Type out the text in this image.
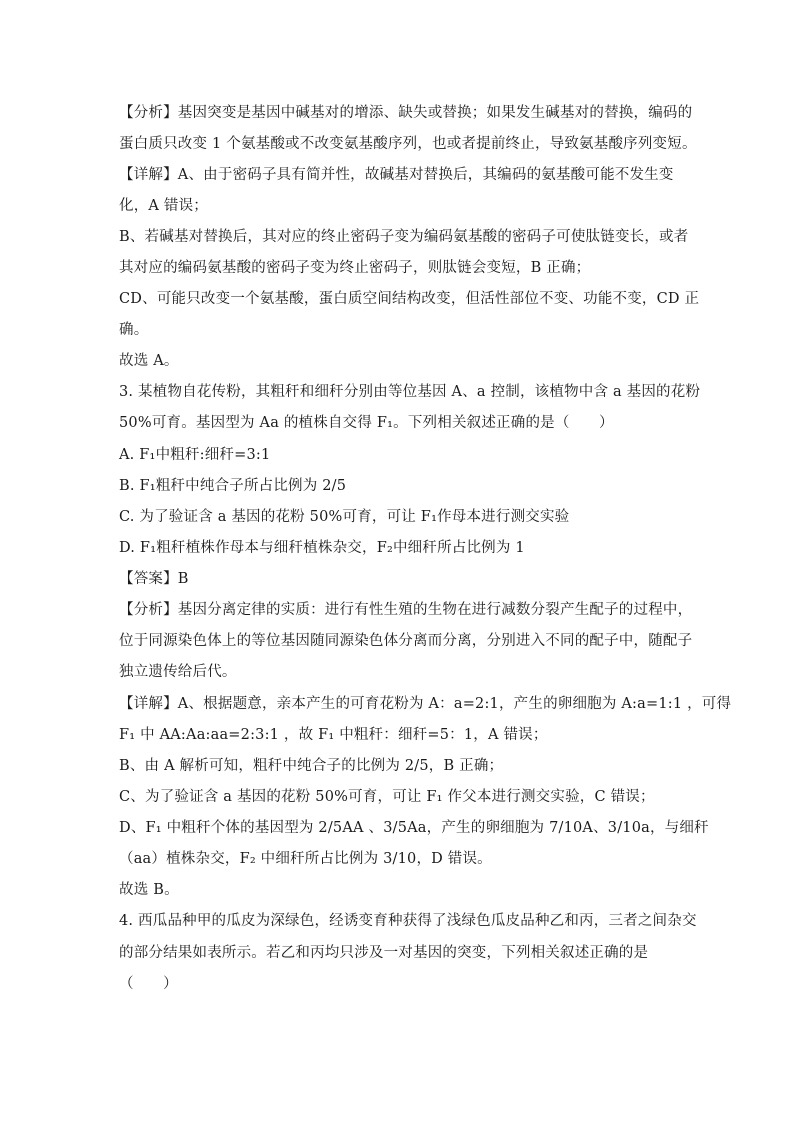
【分析】基因突变是基因中碱基对的增添、缺失或替换；如果发生碱基对的替换，编码的
蛋白质只改变 1 个氨基酸或不改变氨基酸序列，也或者提前终止，导致氨基酸序列变短。
【详解】A、由于密码子具有简并性，故碱基对替换后，其编码的氨基酸可能不发生变
化，A 错误；
B、若碱基对替换后，其对应的终止密码子变为编码氨基酸的密码子可使肽链变长，或者
其对应的编码氨基酸的密码子变为终止密码子，则肽链会变短，B 正确；
CD、可能只改变一个氨基酸，蛋白质空间结构改变，但活性部位不变、功能不变，CD 正
确。
故选 A。
3. 某植物自花传粉，其粗秆和细秆分别由等位基因 A、a 控制，该植物中含 a 基因的花粉
50%可育。基因型为 Aa 的植株自交得 F₁。下列相关叙述正确的是（　　）
A. F₁中粗秆:细秆=3:1
B. F₁粗秆中纯合子所占比例为 2/5
C. 为了验证含 a 基因的花粉 50%可育，可让 F₁作母本进行测交实验
D. F₁粗秆植株作母本与细秆植株杂交，F₂中细秆所占比例为 1
【答案】B
【分析】基因分离定律的实质：进行有性生殖的生物在进行减数分裂产生配子的过程中，
位于同源染色体上的等位基因随同源染色体分离而分离，分别进入不同的配子中，随配子
独立遗传给后代。
【详解】A、根据题意，亲本产生的可育花粉为 A：a=2:1，产生的卵细胞为 A:a=1:1 ，可得
F₁ 中 AA:Aa:aa=2:3:1 ，故 F₁ 中粗秆：细秆=5：1，A 错误；
B、由 A 解析可知，粗秆中纯合子的比例为 2/5，B 正确；
C、为了验证含 a 基因的花粉 50%可育，可让 F₁ 作父本进行测交实验，C 错误；
D、F₁ 中粗秆个体的基因型为 2/5AA 、3/5Aa，产生的卵细胞为 7/10A、3/10a，与细秆
（aa）植株杂交，F₂ 中细秆所占比例为 3/10，D 错误。
故选 B。
4. 西瓜品种甲的瓜皮为深绿色，经诱变育种获得了浅绿色瓜皮品种乙和丙，三者之间杂交
的部分结果如表所示。若乙和丙均只涉及一对基因的突变，下列相关叙述正确的是
（　　）
